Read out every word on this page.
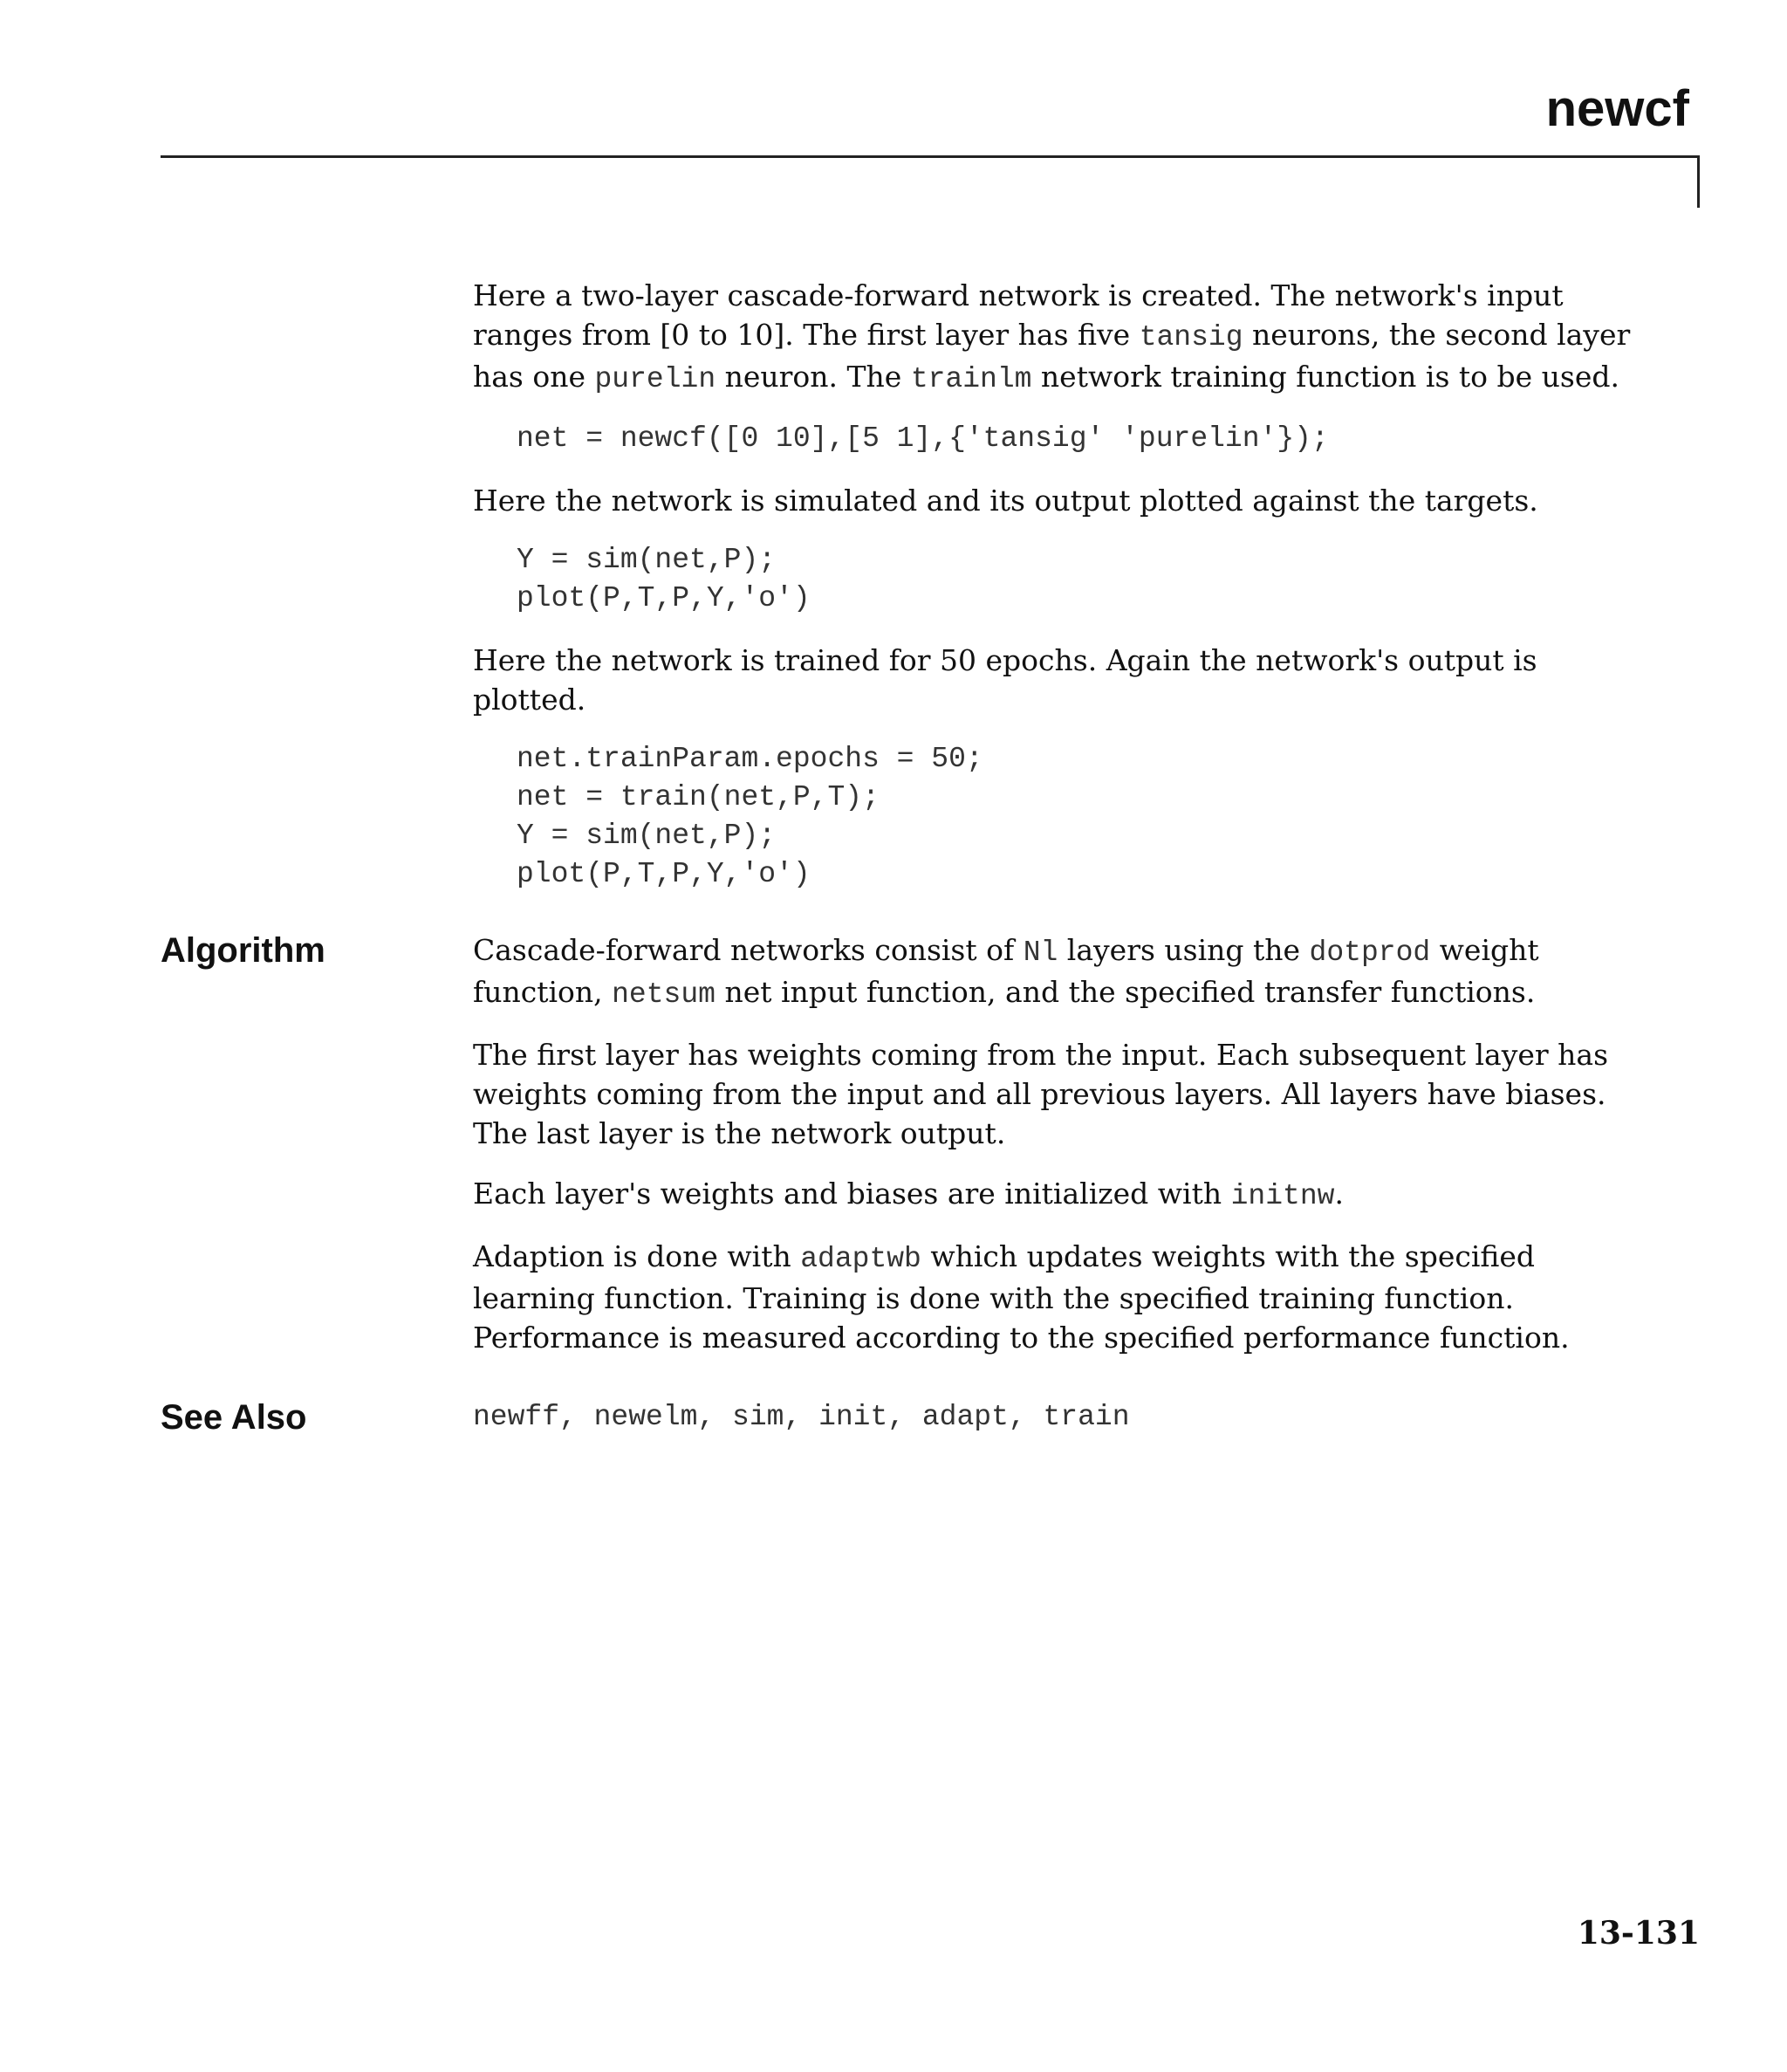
newcf

Here a two-layer cascade-forward network is created. The network's input ranges from [0 to 10]. The first layer has five tansig neurons, the second layer has one purelin neuron. The trainlm network training function is to be used.

net = newcf([0 10],[5 1],{'tansig' 'purelin'});

Here the network is simulated and its output plotted against the targets.

Y = sim(net,P);
plot(P,T,P,Y,'o')

Here the network is trained for 50 epochs. Again the network's output is plotted.

net.trainParam.epochs = 50;
net = train(net,P,T);
Y = sim(net,P);
plot(P,T,P,Y,'o')
Algorithm	Cascade-forward networks consist of Nl layers using the dotprod weight function, netsum net input function, and the specified transfer functions.

The first layer has weights coming from the input. Each subsequent layer has weights coming from the input and all previous layers. All layers have biases. The last layer is the network output.

Each layer's weights and biases are initialized with initnw.

Adaption is done with adaptwb which updates weights with the specified learning function. Training is done with the specified training function. Performance is measured according to the specified performance function.

See Also	newff, newelm, sim, init, adapt, train

13-131
